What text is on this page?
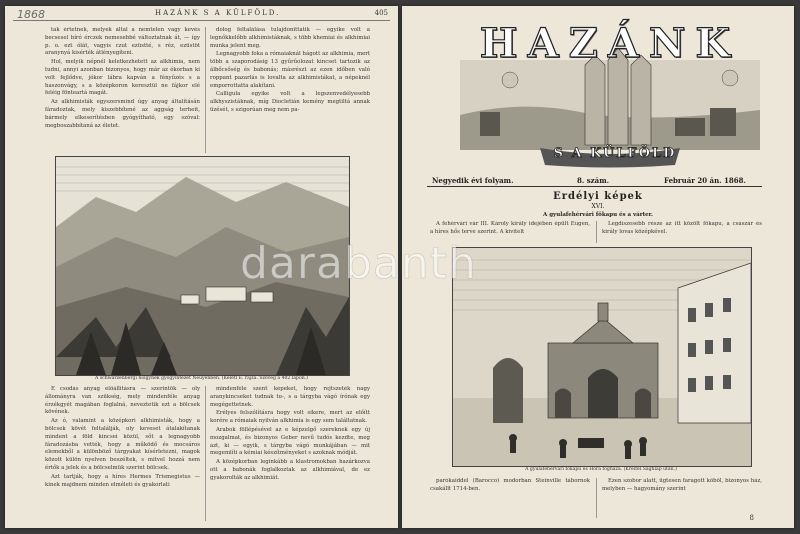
1868	HAZÁNK S A KÜLFÖLD.	405

tak értetnek, melyek által a nemtelen vagy kevés becsesel bíró érczek nemesebbé változtatnak át, — így p. o. ezt ólát, vagyis czut ezüstté, s réz, ezüstöt aranynyá kisérték átlényegíteni.

Hol, melyik népnél keletkezhetett az alkhimia, nem tudni, annyi azonban bizonyos, hogy már az ókorban ki volt fejlődve, jókor lábra kapván a fényűzés s a haszonvágy, s a középkoron keresztül ne fájkor elé feléig fönteartá magát.

Az alkhimisták egyszersmind úgy anyag általításán fáradoztak, mely kiszebbítené az aggság terheit, bármely elkeserítésben gyógyítható, egy szóval: megboszabbítaná az életet.

dolog feltalálása tulajdonittatik — egyike volt a legnőkkelőbb alkhimistáknak, s több khemiai és alkhimiai munka jelent meg.

Legnagyobb foka a rómaiaknál hágott az alkhimia, mert több a szaporodásig 13 gyűrűolozat kincset tartozik az álbőcsőség és babonás; másrészt az ezen időben való roppant pazarlás is lovalta az alkhimistákat, a népeknél emporrottatta alakítani.

Calligula egyike volt a legszenvedélyesebb alkhyszistáknak, míg Diocletián kemény megtiltá annak üzését, s szigorúan meg nem pa-

A schwarzenbergi hölgynek gyógyintézet Neuyenben. (Keletl E. rajza. Szöveg a 402 lapon.)

E csodás anyag előállításra — szerintök — oly állományra van szükség, mely mindenféle anyag érzékgyét magában foglalná, neveztetik ezt a bölcsek kövének.

Az ó, valamint a középkori alkhimisták, hogy a bölcsek kövét feltalálják, oly keveset átalakítanak mindent a föld kincsei közül, sőt a legnagyobb fáradozásba vették, hogy a működő és mocsáros elemekből a különböző tárgyakat kísérletezni, magok közott külön nyelven beszéltek, s mitvel hozzá nem értők a jelek és a bölcselmük szerint bölcsek.

Azt tartják, hogy a híres Hermes Trismegistus — kinek majdnem minden elméleti és gyakorlati

mindenféle szent képeket, hogy rejtszeték nagy aranykincseket tudnak tu-, s a tárgyba vágó írónak egy megégettetnek.

Erélyes felszólításra hogy volt sikere, mert az előítt korére a rómaiak nyilván alkhimia is egy sem találtatnak.

Arabok föllépésével az e képzelgő szereknek egy új mozgalmat, és bizonyos Geber nevű tudós kezdte, meg azt, ki — egyik, s tárgyba vágó munkájában — mit megemlíti a kémiai készítményeket s azoknak módját.

A középkorban leginkább a klastromokban hazárkozva ott a babonák foglalkoztak az alkhimiával, de ez gyakorolták az alkhimiát.

HAZÁNK
S A KÜLFÖLD
Negyedik évi folyam.	8. szám.	Február 20 án. 1868.
Erdélyi képek
XVI.
A gyulafehérvári főkapu és a várter.

A fehérvári vár III. Károly király idejében épült Eugen, a híres hős terve szerint. A kivitelt

Legdíszesebb része az itt közölt főkapu, a császár és király lovas középkével.

A gyulafehérvári főkapu és Hóra fogháza. (Kreitel Sághláp után.)

parókaiddel (Barocco) modorban Steinville tábornok csakállt 1714-ben.

Ezen szobor alatt, ügtesen faragott kőből, bizonyos ház, melyben — hagyomány szerint

8
darabanth
